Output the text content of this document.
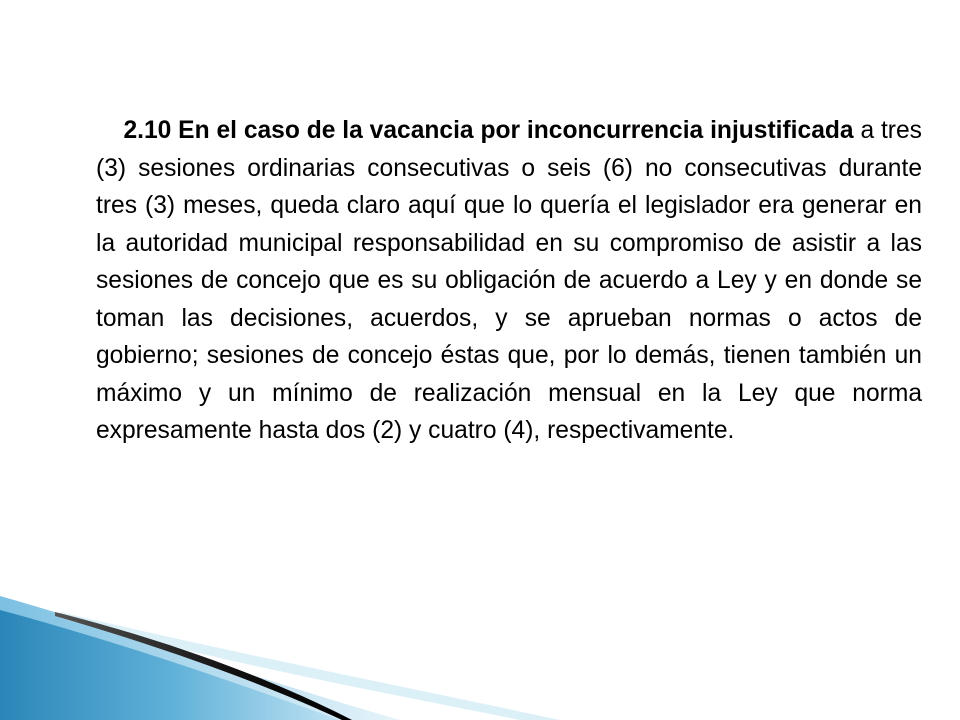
2.10 En el caso de la vacancia por inconcurrencia injustificada a tres (3) sesiones ordinarias consecutivas o seis (6) no consecutivas durante tres (3) meses, queda claro aquí que lo quería el legislador era generar en la autoridad municipal responsabilidad en su compromiso de asistir a las sesiones de concejo que es su obligación de acuerdo a Ley y en donde se toman las decisiones, acuerdos, y se aprueban normas o actos de gobierno; sesiones de concejo éstas que, por lo demás, tienen también un máximo y un mínimo de realización mensual en la Ley que norma expresamente hasta dos (2) y cuatro (4), respectivamente.
